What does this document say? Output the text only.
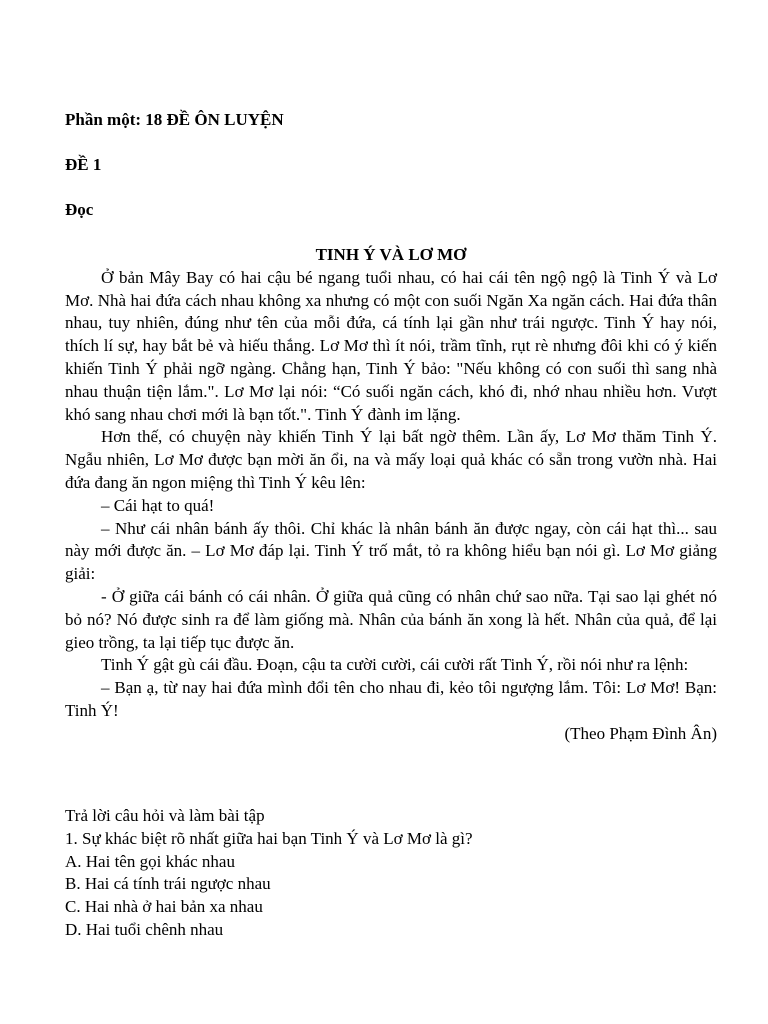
Phần một: 18 ĐỀ ÔN LUYỆN

ĐỀ 1

Đọc

TINH Ý VÀ LƠ MƠ

Ở bản Mây Bay có hai cậu bé ngang tuổi nhau, có hai cái tên ngộ ngộ là Tinh Ý và Lơ Mơ. Nhà hai đứa cách nhau không xa nhưng có một con suối Ngăn Xa ngăn cách. Hai đứa thân nhau, tuy nhiên, đúng như tên của mỗi đứa, cá tính lại gần như trái ngược. Tinh Ý hay nói, thích lí sự, hay bắt bẻ và hiếu thắng. Lơ Mơ thì ít nói, trầm tĩnh, rụt rè nhưng đôi khi có ý kiến khiến Tinh Ý phải ngỡ ngàng. Chẳng hạn, Tinh Ý bảo: "Nếu không có con suối thì sang nhà nhau thuận tiện lắm.". Lơ Mơ lại nói: “Có suối ngăn cách, khó đi, nhớ nhau nhiều hơn. Vượt khó sang nhau chơi mới là bạn tốt.". Tinh Ý đành im lặng.

Hơn thế, có chuyện này khiến Tinh Ý lại bất ngờ thêm. Lần ấy, Lơ Mơ thăm Tinh Ý. Ngẫu nhiên, Lơ Mơ được bạn mời ăn ổi, na và mấy loại quả khác có sẵn trong vườn nhà. Hai đứa đang ăn ngon miệng thì Tinh Ý kêu lên:

– Cái hạt to quá!

– Như cái nhân bánh ấy thôi. Chỉ khác là nhân bánh ăn được ngay, còn cái hạt thì... sau này mới được ăn. – Lơ Mơ đáp lại. Tinh Ý trố mắt, tỏ ra không hiểu bạn nói gì. Lơ Mơ giảng giải:

- Ở giữa cái bánh có cái nhân. Ở giữa quả cũng có nhân chứ sao nữa. Tại sao lại ghét nó bỏ nó? Nó được sinh ra để làm giống mà. Nhân của bánh ăn xong là hết. Nhân của quả, để lại gieo trồng, ta lại tiếp tục được ăn.

Tinh Ý gật gù cái đầu. Đoạn, cậu ta cười cười, cái cười rất Tinh Ý, rồi nói như ra lệnh:

– Bạn ạ, từ nay hai đứa mình đổi tên cho nhau đi, kẻo tôi ngượng lắm. Tôi: Lơ Mơ! Bạn: Tinh Ý!

(Theo Phạm Đình Ân)

Trả lời câu hỏi và làm bài tập

1. Sự khác biệt rõ nhất giữa hai bạn Tinh Ý và Lơ Mơ là gì?

A. Hai tên gọi khác nhau

B. Hai cá tính trái ngược nhau

C. Hai nhà ở hai bản xa nhau

D. Hai tuổi chênh nhau
